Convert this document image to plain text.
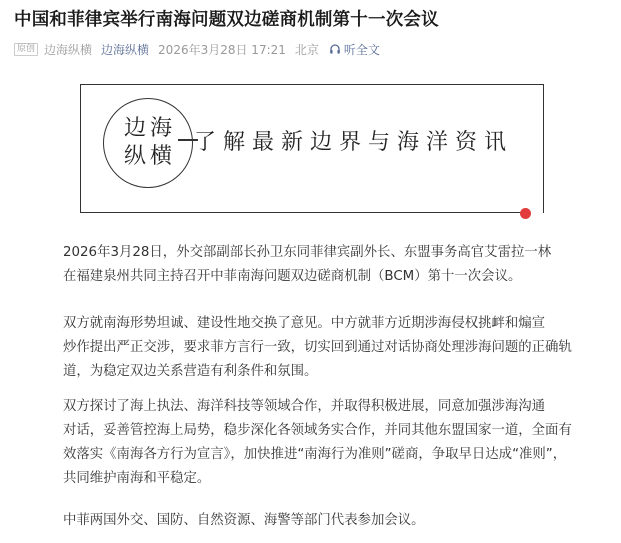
中国和菲律宾举行南海问题双边磋商机制第十一次会议
原创 边海纵横 边海纵横 2026年3月28日 17:21 北京 听全文
边海
纵横
了解最新边界与海洋资讯

2026年3月28日，外交部副部长孙卫东同菲律宾副外长、东盟事务高官艾雷拉一林
在福建泉州共同主持召开中菲南海问题双边磋商机制（BCM）第十一次会议。

双方就南海形势坦诚、建设性地交换了意见。中方就菲方近期涉海侵权挑衅和煽宣
炒作提出严正交涉，要求菲方言行一致，切实回到通过对话协商处理涉海问题的正确轨
道，为稳定双边关系营造有利条件和氛围。

双方探讨了海上执法、海洋科技等领域合作，并取得积极进展，同意加强涉海沟通
对话，妥善管控海上局势，稳步深化各领域务实合作，并同其他东盟国家一道，全面有
效落实《南海各方行为宣言》，加快推进“南海行为准则”磋商，争取早日达成“准则”，
共同维护南海和平稳定。

中菲两国外交、国防、自然资源、海警等部门代表参加会议。
